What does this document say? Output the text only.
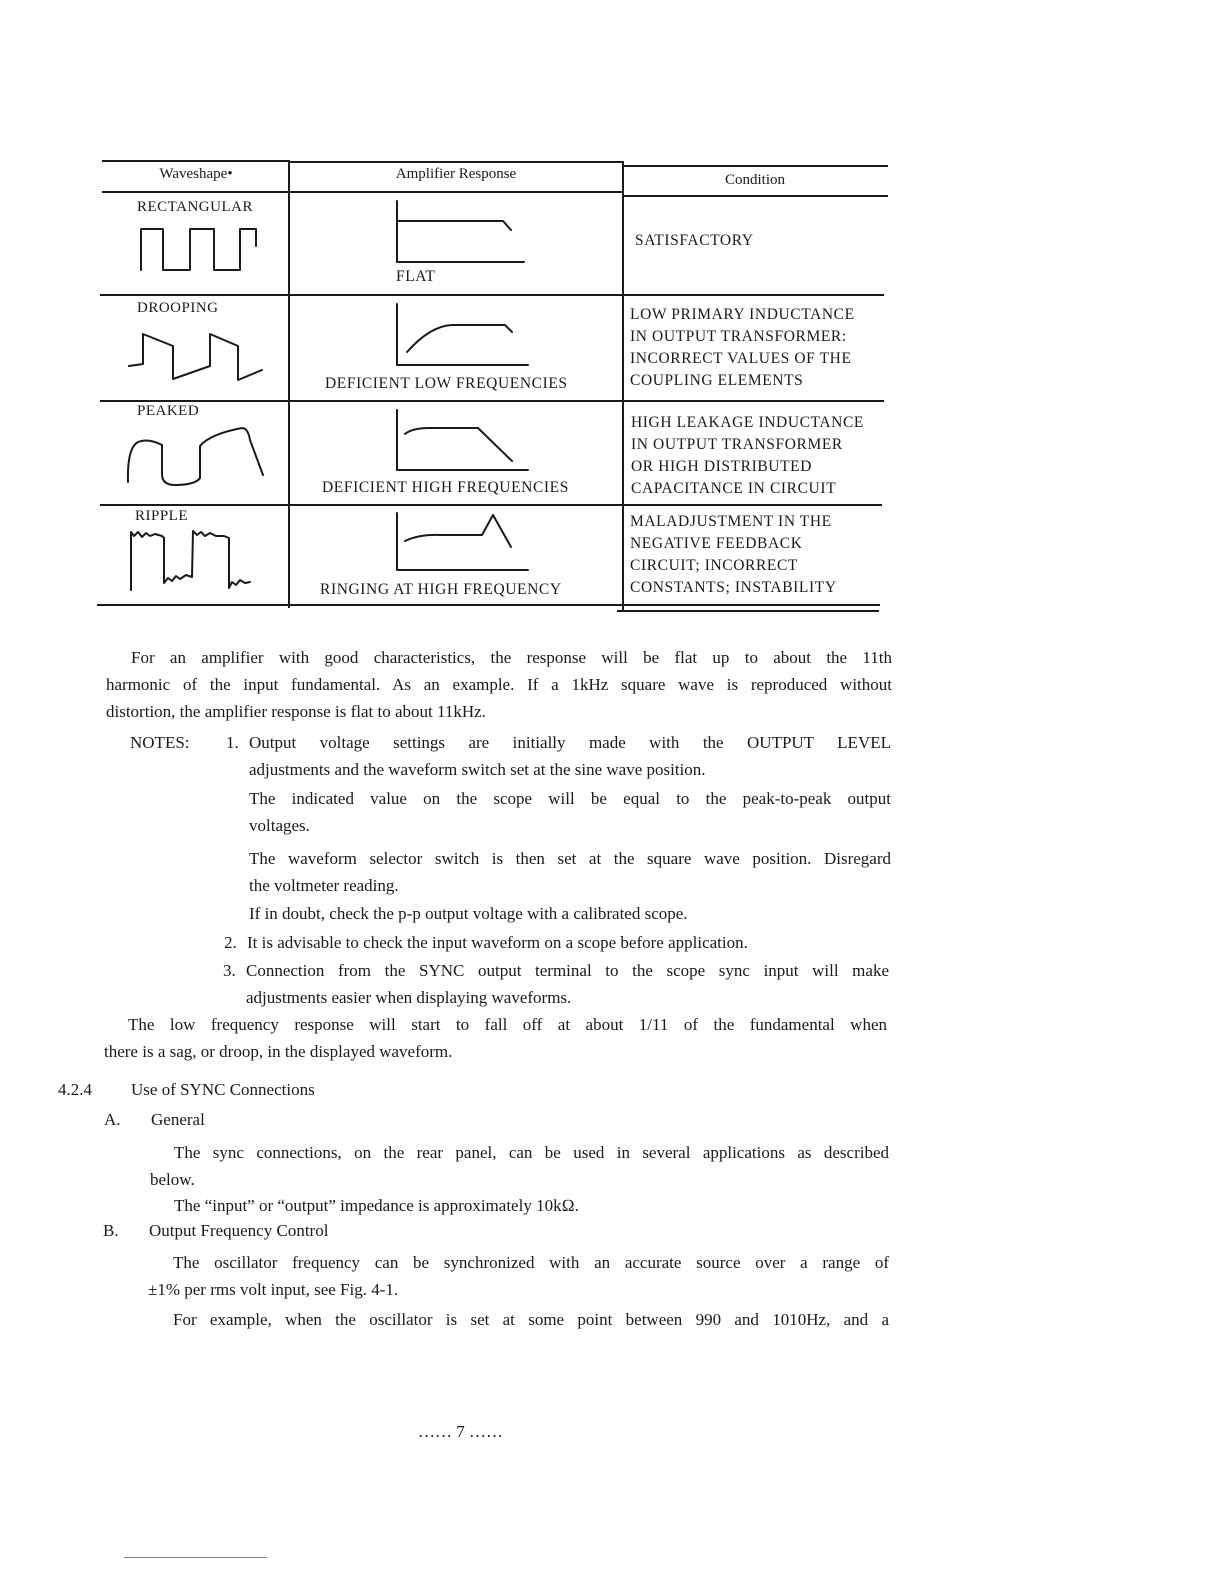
Waveshape•	Amplifier Response	Condition
RECTANGULAR
FLAT
SATISFACTORY
DROOPING
DEFICIENT LOW FREQUENCIES
LOW PRIMARY INDUCTANCE
IN OUTPUT TRANSFORMER:
INCORRECT VALUES OF THE
COUPLING ELEMENTS
PEAKED
DEFICIENT HIGH FREQUENCIES
HIGH LEAKAGE INDUCTANCE
IN OUTPUT TRANSFORMER
OR HIGH DISTRIBUTED
CAPACITANCE IN CIRCUIT
RIPPLE
RINGING AT HIGH FREQUENCY
MALADJUSTMENT IN THE
NEGATIVE FEEDBACK
CIRCUIT; INCORRECT
CONSTANTS; INSTABILITY
For an amplifier with good characteristics, the response will be flat up to about the 11th
harmonic of the input fundamental. As an example. If a 1kHz square wave is reproduced without
distortion, the amplifier response is flat to about 11kHz.
NOTES: 1. Output voltage settings are initially made with the OUTPUT LEVEL
adjustments and the waveform switch set at the sine wave position.
The indicated value on the scope will be equal to the peak-to-peak output
voltages.
The waveform selector switch is then set at the square wave position. Disregard
the voltmeter reading.
If in doubt, check the p-p output voltage with a calibrated scope.
2. It is advisable to check the input waveform on a scope before application.
3. Connection from the SYNC output terminal to the scope sync input will make
adjustments easier when displaying waveforms.
The low frequency response will start to fall off at about 1/11 of the fundamental when
there is a sag, or droop, in the displayed waveform.
4.2.4 Use of SYNC Connections
A. General
The sync connections, on the rear panel, can be used in several applications as described
below.
The “input” or “output” impedance is approximately 10kΩ.
B. Output Frequency Control
The oscillator frequency can be synchronized with an accurate source over a range of
±1% per rms volt input, see Fig. 4-1.
For example, when the oscillator is set at some point between 990 and 1010Hz, and a
…… 7 ……
